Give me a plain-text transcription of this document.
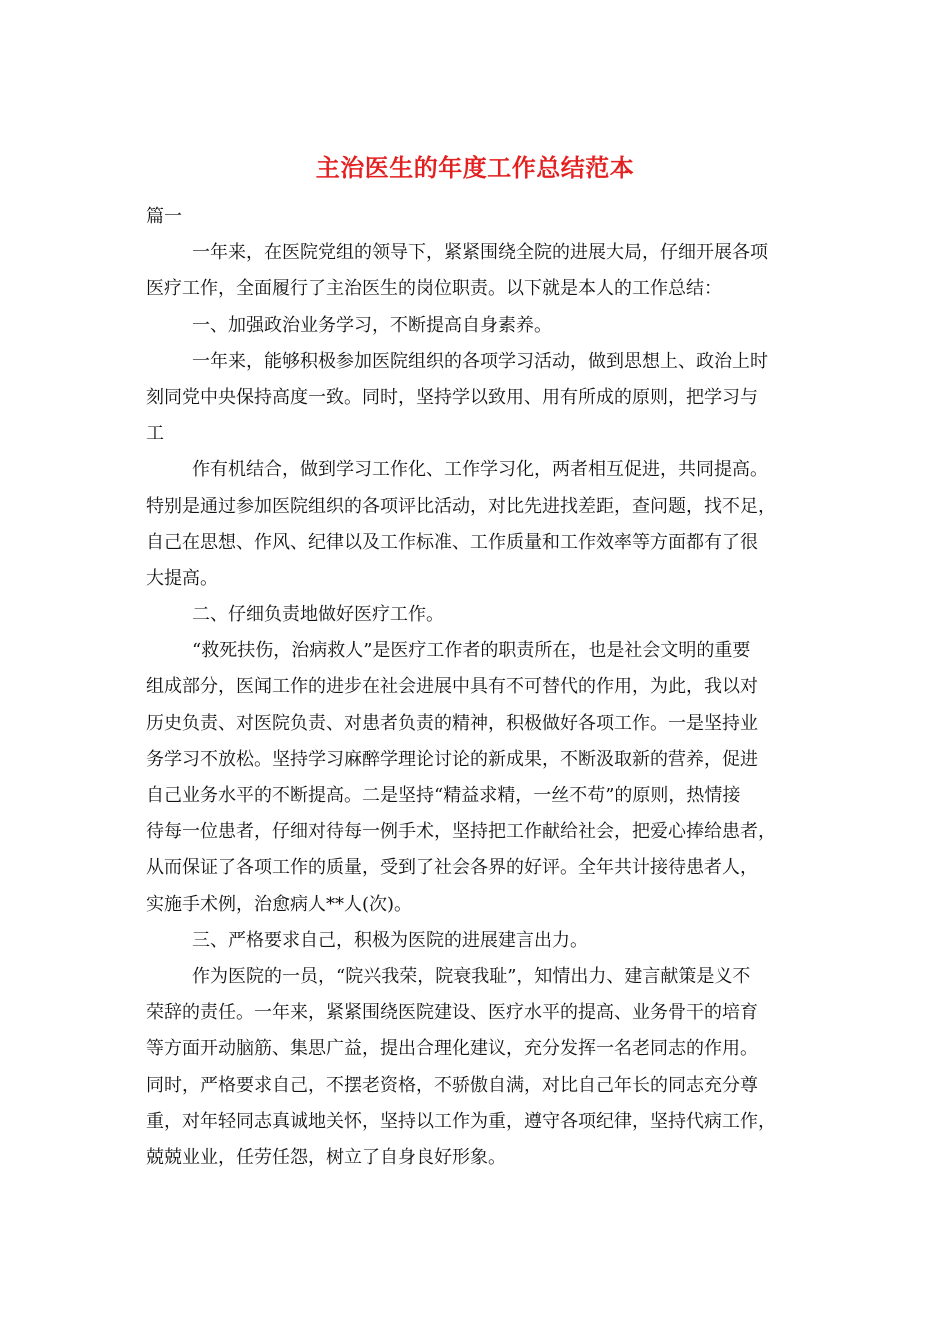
主治医生的年度工作总结范本
篇一
一年来，在医院党组的领导下，紧紧围绕全院的进展大局，仔细开展各项
医疗工作，全面履行了主治医生的岗位职责。以下就是本人的工作总结：
一、加强政治业务学习，不断提高自身素养。
一年来，能够积极参加医院组织的各项学习活动，做到思想上、政治上时
刻同党中央保持高度一致。同时，坚持学以致用、用有所成的原则，把学习与
工
作有机结合，做到学习工作化、工作学习化，两者相互促进，共同提高。
特别是通过参加医院组织的各项评比活动，对比先进找差距，查问题，找不足，
自己在思想、作风、纪律以及工作标准、工作质量和工作效率等方面都有了很
大提高。
二、仔细负责地做好医疗工作。
“救死扶伤，治病救人”是医疗工作者的职责所在，也是社会文明的重要
组成部分，医闻工作的进步在社会进展中具有不可替代的作用，为此，我以对
历史负责、对医院负责、对患者负责的精神，积极做好各项工作。一是坚持业
务学习不放松。坚持学习麻醉学理论讨论的新成果，不断汲取新的营养，促进
自己业务水平的不断提高。二是坚持“精益求精，一丝不苟”的原则，热情接
待每一位患者，仔细对待每一例手术，坚持把工作献给社会，把爱心捧给患者，
从而保证了各项工作的质量，受到了社会各界的好评。全年共计接待患者人，
实施手术例，治愈病人**人(次)。
三、严格要求自己，积极为医院的进展建言出力。
作为医院的一员，“院兴我荣，院衰我耻”，知情出力、建言献策是义不
荣辞的责任。一年来，紧紧围绕医院建设、医疗水平的提高、业务骨干的培育
等方面开动脑筋、集思广益，提出合理化建议，充分发挥一名老同志的作用。
同时，严格要求自己，不摆老资格，不骄傲自满，对比自己年长的同志充分尊
重，对年轻同志真诚地关怀，坚持以工作为重，遵守各项纪律，坚持代病工作，
兢兢业业，任劳任怨，树立了自身良好形象。
